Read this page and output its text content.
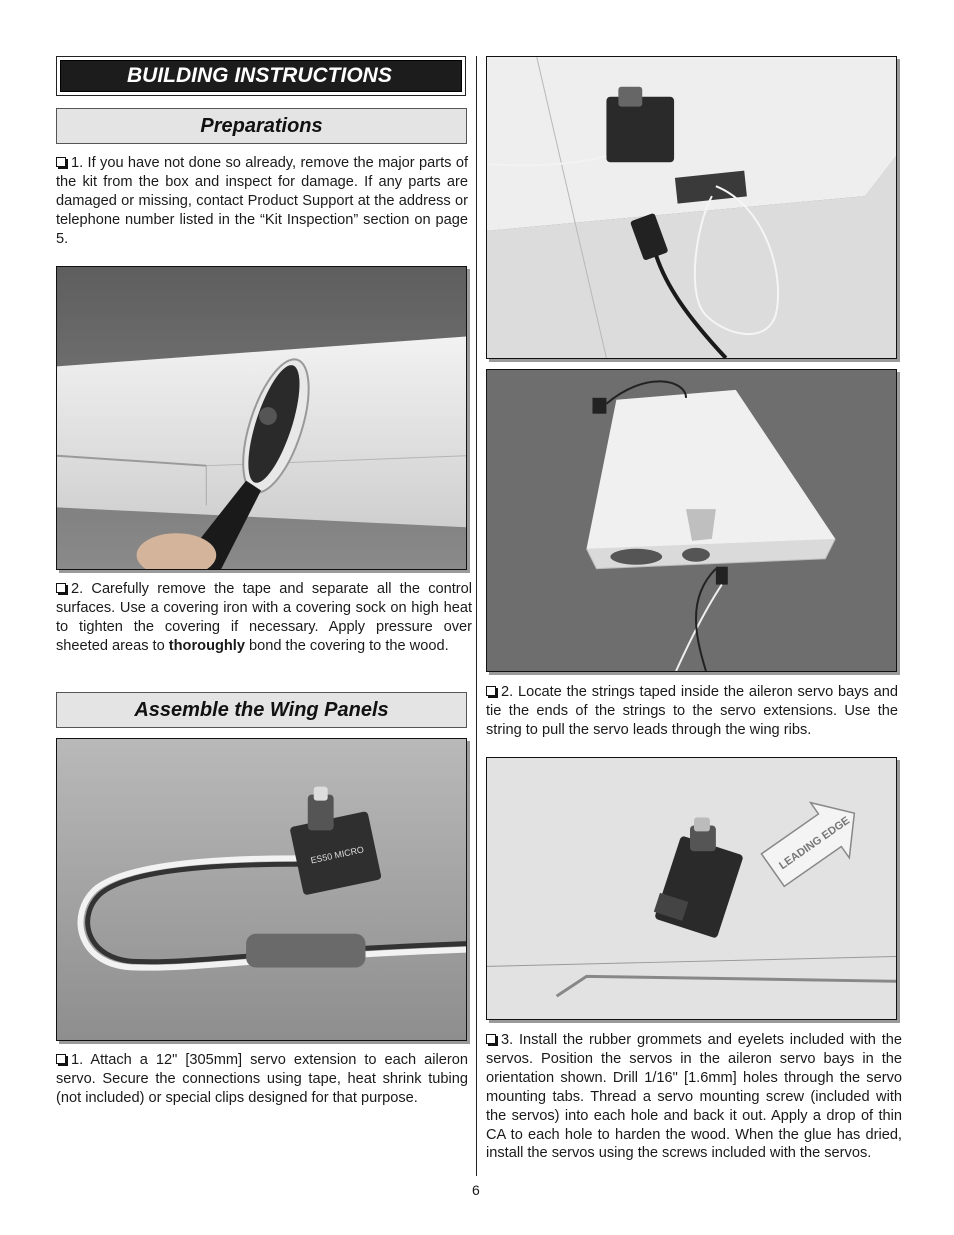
BUILDING INSTRUCTIONS
Preparations
1. If you have not done so already, remove the major parts of the kit from the box and inspect for damage. If any parts are damaged or missing, contact Product Support at the address or telephone number listed in the “Kit Inspection” section on page 5.
2. Carefully remove the tape and separate all the control surfaces. Use a covering iron with a covering sock on high heat to tighten the covering if necessary. Apply pressure over sheeted areas to thoroughly bond the covering to the wood.
Assemble the Wing Panels
ES50 MICRO
1. Attach a 12" [305mm] servo extension to each aileron servo. Secure the connections using tape, heat shrink tubing (not included) or special clips designed for that purpose.
2. Locate the strings taped inside the aileron servo bays and tie the ends of the strings to the servo extensions. Use the string to pull the servo leads through the wing ribs.
LEADING EDGE
3. Install the rubber grommets and eyelets included with the servos. Position the servos in the aileron servo bays in the orientation shown. Drill 1/16" [1.6mm] holes through the servo mounting tabs. Thread a servo mounting screw (included with the servos) into each hole and back it out. Apply a drop of thin CA to each hole to harden the wood. When the glue has dried, install the servos using the screws included with the servos.
6
